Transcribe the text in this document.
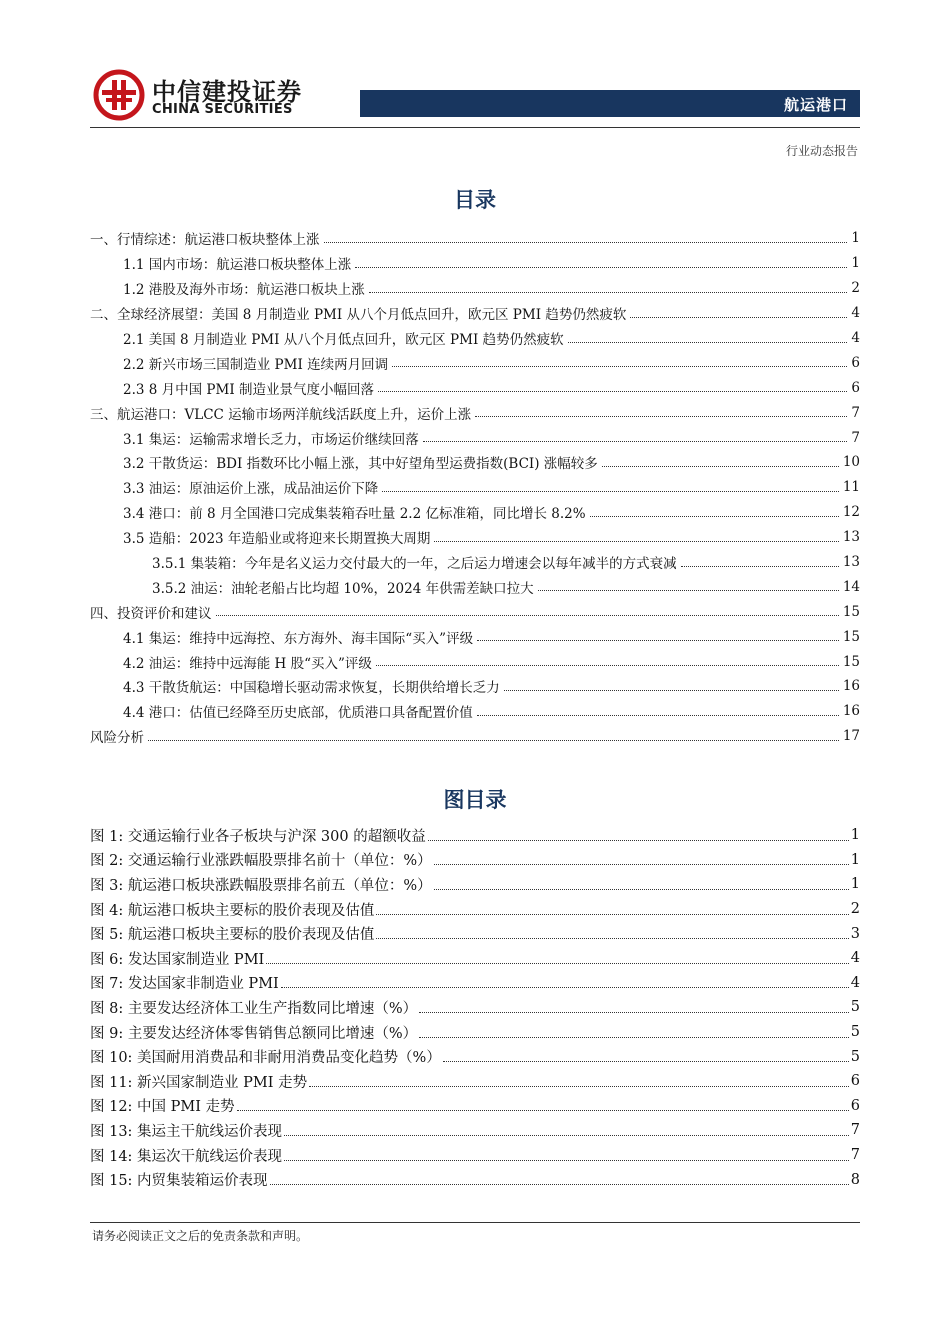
中信建投证券
CHINA SECURITIES	航运港口
行业动态报告
目录
一、行情综述：航运港口板块整体上涨	1
1.1 国内市场：航运港口板块整体上涨	1
1.2 港股及海外市场：航运港口板块上涨	2
二、全球经济展望：美国 8 月制造业 PMI 从八个月低点回升，欧元区 PMI 趋势仍然疲软	4
2.1 美国 8 月制造业 PMI 从八个月低点回升，欧元区 PMI 趋势仍然疲软	4
2.2 新兴市场三国制造业 PMI 连续两月回调	6
2.3 8 月中国 PMI 制造业景气度小幅回落	6
三、航运港口：VLCC 运输市场两洋航线活跃度上升，运价上涨	7
3.1 集运：运输需求增长乏力，市场运价继续回落	7
3.2 干散货运：BDI 指数环比小幅上涨，其中好望角型运费指数(BCI) 涨幅较多	10
3.3 油运：原油运价上涨，成品油运价下降	11
3.4 港口：前 8 月全国港口完成集装箱吞吐量 2.2 亿标准箱，同比增长 8.2%	12
3.5 造船：2023 年造船业或将迎来长期置换大周期	13
3.5.1 集装箱：今年是名义运力交付最大的一年，之后运力增速会以每年减半的方式衰减	13
3.5.2 油运：油轮老船占比均超 10%，2024 年供需差缺口拉大	14
四、投资评价和建议	15
4.1 集运：维持中远海控、东方海外、海丰国际“买入”评级	15
4.2 油运：维持中远海能 H 股“买入”评级	15
4.3 干散货航运：中国稳增长驱动需求恢复，长期供给增长乏力	16
4.4 港口：估值已经降至历史底部，优质港口具备配置价值	16
风险分析	17
图目录
图 1: 交通运输行业各子板块与沪深 300 的超额收益	1
图 2: 交通运输行业涨跌幅股票排名前十（单位：%）	1
图 3: 航运港口板块涨跌幅股票排名前五（单位：%）	1
图 4: 航运港口板块主要标的股价表现及估值	2
图 5: 航运港口板块主要标的股价表现及估值	3
图 6: 发达国家制造业 PMI	4
图 7: 发达国家非制造业 PMI	4
图 8: 主要发达经济体工业生产指数同比增速（%）	5
图 9: 主要发达经济体零售销售总额同比增速（%）	5
图 10: 美国耐用消费品和非耐用消费品变化趋势（%）	5
图 11: 新兴国家制造业 PMI 走势	6
图 12: 中国 PMI 走势	6
图 13: 集运主干航线运价表现	7
图 14: 集运次干航线运价表现	7
图 15: 内贸集装箱运价表现	8
请务必阅读正文之后的免责条款和声明。
